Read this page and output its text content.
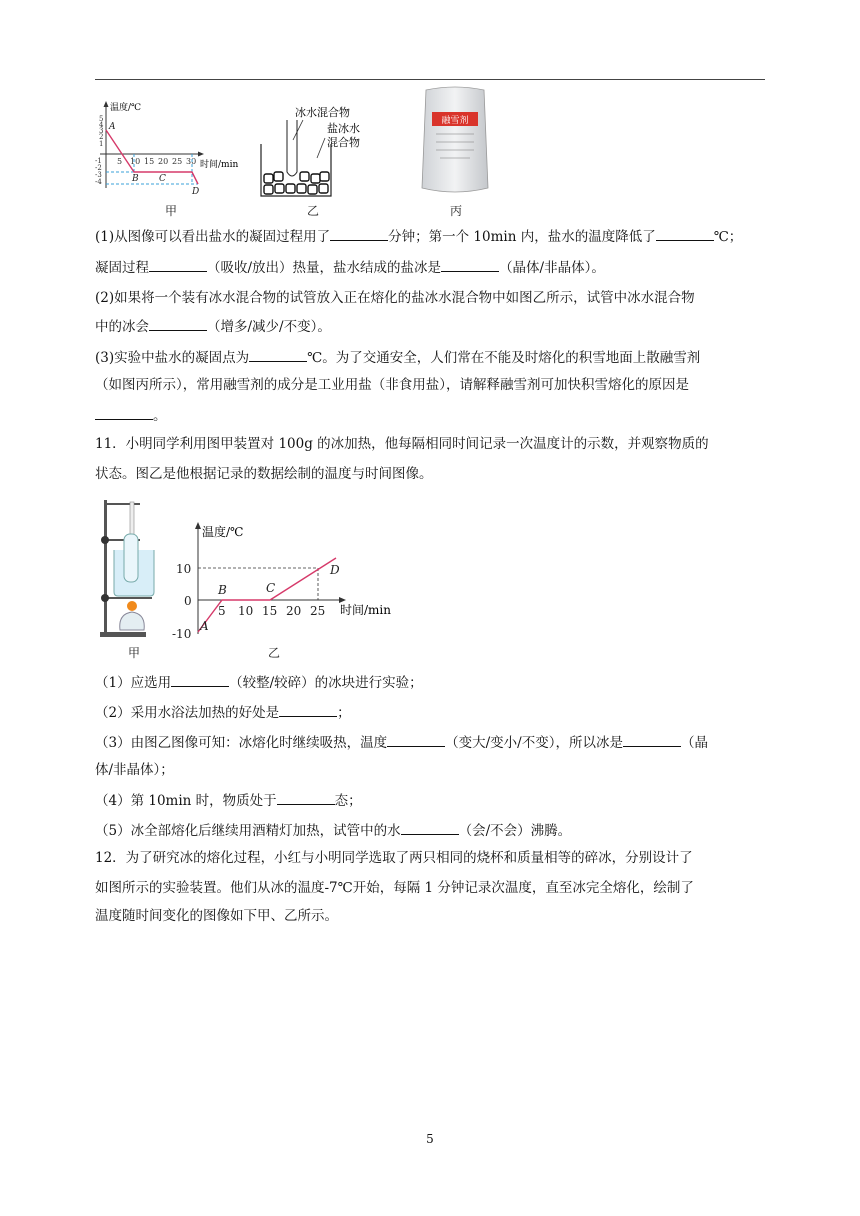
温度/℃
时间/min
5
4
3
2
1
-1
-2
-3
-4
5 10 15 20 25 30
A
B C
D
甲
冰水混合物
盐冰水
混合物
乙
融雪剂
丙
(1)从图像可以看出盐水的凝固过程用了	分钟；第一个 10min 内，盐水的温度降低了	℃；
凝固过程	（吸收/放出）热量，盐水结成的盐冰是	（晶体/非晶体）。
(2)如果将一个装有冰水混合物的试管放入正在熔化的盐冰水混合物中如图乙所示，试管中冰水混合物
中的冰会	（增多/减少/不变）。
(3)实验中盐水的凝固点为	℃。为了交通安全，人们常在不能及时熔化的积雪地面上散融雪剂
（如图丙所示），常用融雪剂的成分是工业用盐（非食用盐），请解释融雪剂可加快积雪熔化的原因是
。
11．小明同学利用图甲装置对 100g 的冰加热，他每隔相同时间记录一次温度计的示数，并观察物质的
状态。图乙是他根据记录的数据绘制的温度与时间图像。
甲
温度/℃
时间/min
10
0
-10
5 10 15 20 25
A
B	C
D
乙
（1）应选用	（较整/较碎）的冰块进行实验；
（2）采用水浴法加热的好处是	；
（3）由图乙图像可知：冰熔化时继续吸热，温度	（变大/变小/不变），所以冰是	（晶
体/非晶体）；
（4）第 10min 时，物质处于	态；
（5）冰全部熔化后继续用酒精灯加热，试管中的水	（会/不会）沸腾。
12．为了研究冰的熔化过程，小红与小明同学选取了两只相同的烧杯和质量相等的碎冰，分别设计了
如图所示的实验装置。他们从冰的温度-7℃开始，每隔 1 分钟记录次温度，直至冰完全熔化，绘制了
温度随时间变化的图像如下甲、乙所示。
5
